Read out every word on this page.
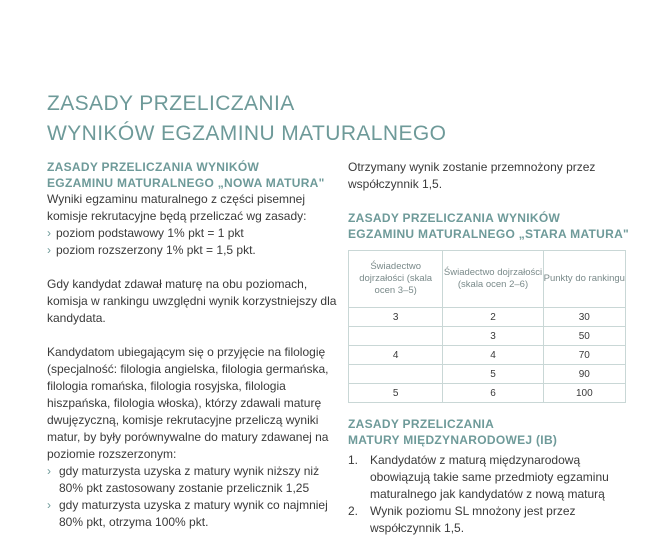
ZASADY PRZELICZANIA
WYNIKÓW EGZAMINU MATURALNEGO
ZASADY PRZELICZANIA WYNIKÓW
EGZAMINU MATURALNEGO „NOWA MATURA"

Wyniki egzaminu maturalnego z części pisemnej komisje rekrutacyjne będą przeliczać wg zasady:

› poziom podstawowy 1% pkt = 1 pkt
› poziom rozszerzony 1% pkt = 1,5 pkt.

Gdy kandydat zdawał maturę na obu poziomach, komisja w rankingu uwzględni wynik korzystniejszy dla kandydata.

Kandydatom ubiegającym się o przyjęcie na filologię (specjalność: filologia angielska, filologia germańska, filologia romańska, filologia rosyjska, filologia hiszpańska, filologia włoska), którzy zdawali maturę dwujęzyczną, komisje rekrutacyjne przeliczą wyniki matur, by były porównywalne do matury zdawanej na poziomie rozszerzonym:

› gdy maturzysta uzyska z matury wynik niższy niż 80% pkt zastosowany zostanie przelicznik 1,25
› gdy maturzysta uzyska z matury wynik co najmniej 80% pkt, otrzyma 100% pkt.

Otrzymany wynik zostanie przemnożony przez współczynnik 1,5.

ZASADY PRZELICZANIA WYNIKÓW
EGZAMINU MATURALNEGO „STARA MATURA"
Świadectwo dojrzałości (skala ocen 3–5)	Świadectwo dojrzałości (skala ocen 2–6)	Punkty do rankingu
3	2	30
	3	50
4	4	70
	5	90
5	6	100
ZASADY PRZELICZANIA
MATURY MIĘDZYNARODOWEJ (IB)
1. Kandydatów z maturą międzynarodową obowiązują takie same przedmioty egzaminu maturalnego jak kandydatów z nową maturą
2. Wynik poziomu SL mnożony jest przez współczynnik 1,5.
